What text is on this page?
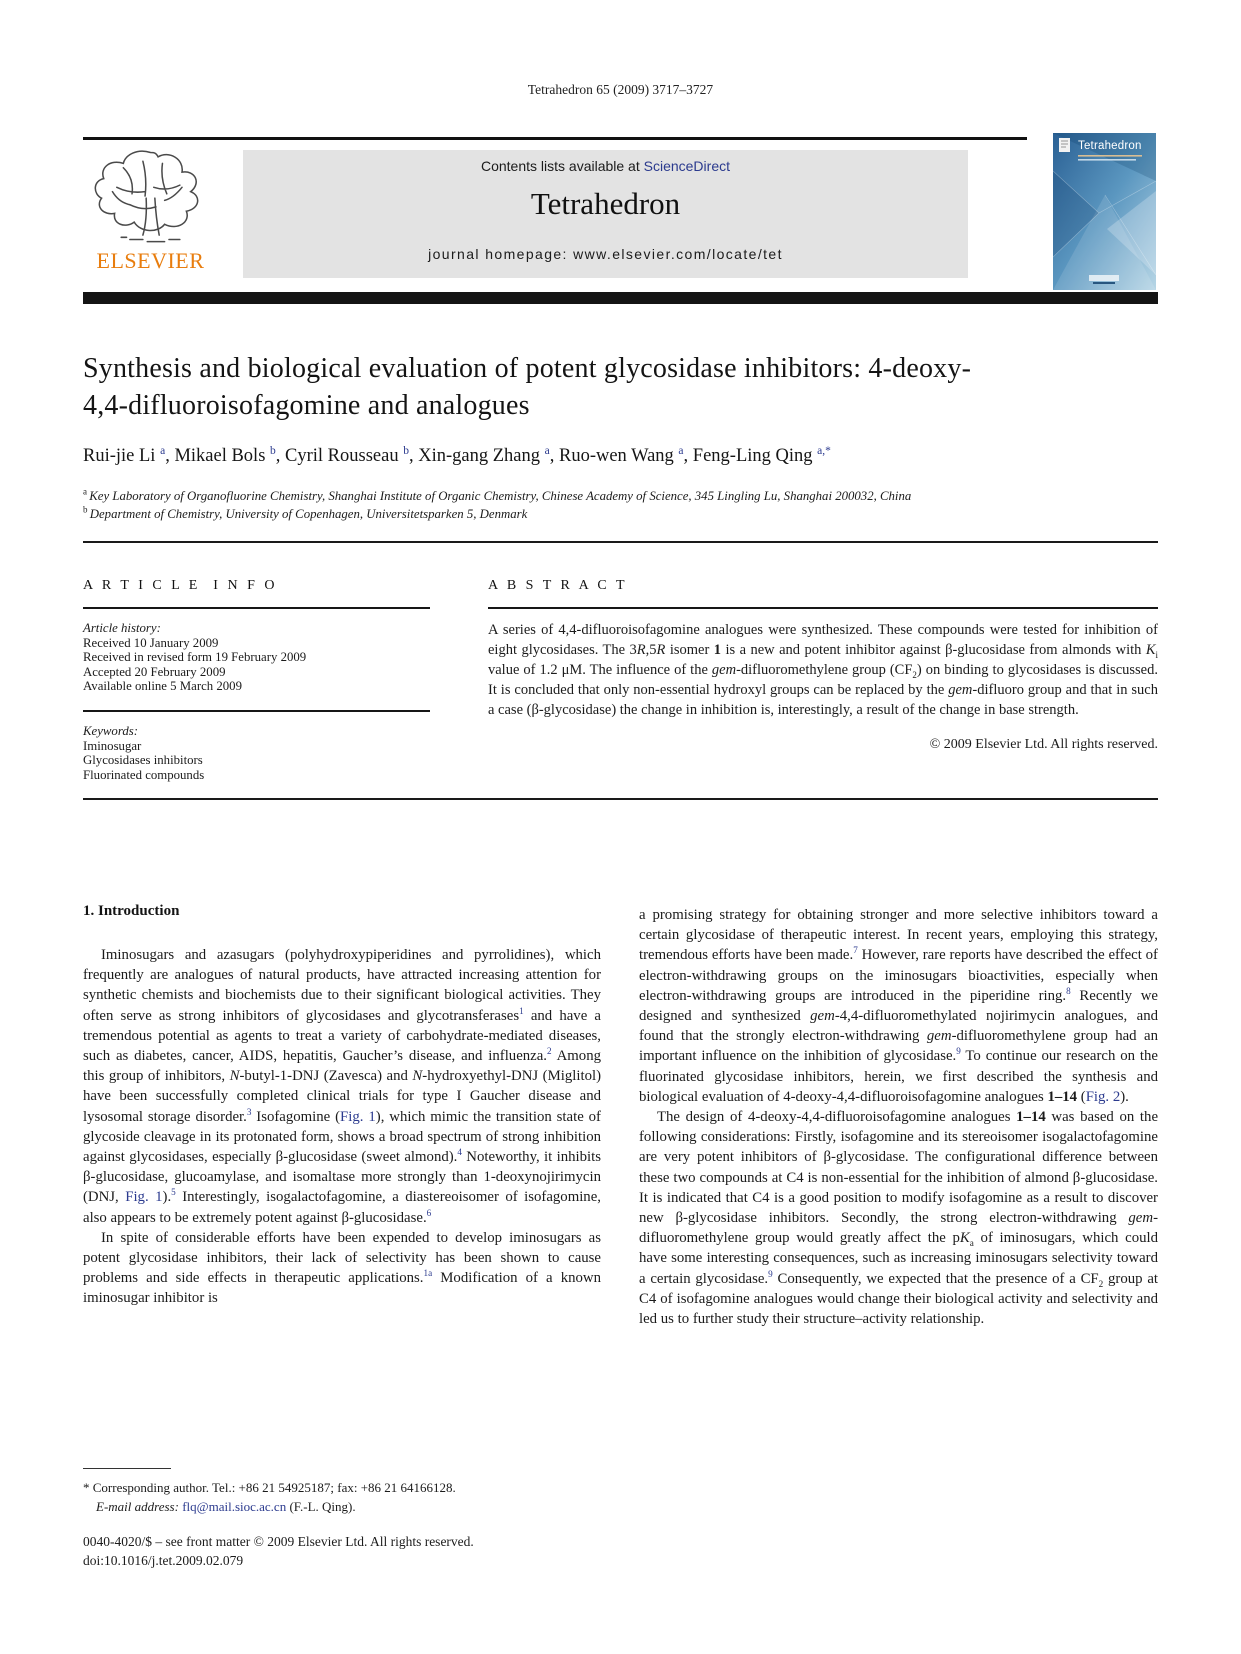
Tetrahedron 65 (2009) 3717–3727
ELSEVIER
Contents lists available at ScienceDirect
Tetrahedron
journal homepage: www.elsevier.com/locate/tet
Tetrahedron
Synthesis and biological evaluation of potent glycosidase inhibitors: 4-deoxy-
4,4-difluoroisofagomine and analogues
Rui-jie Li $^a$, Mikael Bols $^b$, Cyril Rousseau $^b$, Xin-gang Zhang $^a$, Ruo-wen Wang $^a$, Feng-Ling Qing $^{a,*}$
$^a$ Key Laboratory of Organofluorine Chemistry, Shanghai Institute of Organic Chemistry, Chinese Academy of Science, 345 Lingling Lu, Shanghai 200032, China
$^b$ Department of Chemistry, University of Copenhagen, Universitetsparken 5, Denmark
A R T I C L E  I N F O
Article history:
Received 10 January 2009
Received in revised form 19 February 2009
Accepted 20 February 2009
Available online 5 March 2009
Keywords:
Iminosugar
Glycosidases inhibitors
Fluorinated compounds
A B S T R A C T
A series of 4,4-difluoroisofagomine analogues were synthesized. These compounds were tested for inhibition of eight glycosidases. The 3R,5R isomer 1 is a new and potent inhibitor against β-glucosidase from almonds with $K_i$ value of 1.2 μM. The influence of the gem-difluoromethylene group $(CF_2)$ on binding to glycosidases is discussed. It is concluded that only non-essential hydroxyl groups can be replaced by the gem-difluoro group and that in such a case (β-glycosidase) the change in inhibition is, interestingly, a result of the change in base strength.
© 2009 Elsevier Ltd. All rights reserved.
1. Introduction

Iminosugars and azasugars (polyhydroxypiperidines and pyrrolidines), which frequently are analogues of natural products, have attracted increasing attention for synthetic chemists and biochemists due to their significant biological activities. They often serve as strong inhibitors of glycosidases and glycotransferases$^1$ and have a tremendous potential as agents to treat a variety of carbohydrate-mediated diseases, such as diabetes, cancer, AIDS, hepatitis, Gaucher’s disease, and influenza.$^2$ Among this group of inhibitors, N-butyl-1-DNJ (Zavesca) and N-hydroxyethyl-DNJ (Miglitol) have been successfully completed clinical trials for type I Gaucher disease and lysosomal storage disorder.$^3$ Isofagomine (Fig. 1), which mimic the transition state of glycoside cleavage in its protonated form, shows a broad spectrum of strong inhibition against glycosidases, especially β-glucosidase (sweet almond).$^4$ Noteworthy, it inhibits β-glucosidase, glucoamylase, and isomaltase more strongly than 1-deoxynojirimycin (DNJ, Fig. 1).$^5$ Interestingly, isogalactofagomine, a diastereoisomer of isofagomine, also appears to be extremely potent against β-glucosidase.$^6$

In spite of considerable efforts have been expended to develop iminosugars as potent glycosidase inhibitors, their lack of selectivity has been shown to cause problems and side effects in therapeutic applications.$^{1a}$ Modification of a known iminosugar inhibitor is

a promising strategy for obtaining stronger and more selective inhibitors toward a certain glycosidase of therapeutic interest. In recent years, employing this strategy, tremendous efforts have been made.$^7$ However, rare reports have described the effect of electron-withdrawing groups on the iminosugars bioactivities, especially when electron-withdrawing groups are introduced in the piperidine ring.$^8$ Recently we designed and synthesized gem-4,4-difluoromethylated nojirimycin analogues, and found that the strongly electron-withdrawing gem-difluoromethylene group had an important influence on the inhibition of glycosidase.$^9$ To continue our research on the fluorinated glycosidase inhibitors, herein, we first described the synthesis and biological evaluation of 4-deoxy-4,4-difluoroisofagomine analogues 1–14 (Fig. 2).

The design of 4-deoxy-4,4-difluoroisofagomine analogues 1–14 was based on the following considerations: Firstly, isofagomine and its stereoisomer isogalactofagomine are very potent inhibitors of β-glycosidase. The configurational difference between these two compounds at C4 is non-essential for the inhibition of almond β-glucosidase. It is indicated that C4 is a good position to modify isofagomine as a result to discover new β-glycosidase inhibitors. Secondly, the strong electron-withdrawing gem-difluoromethylene group would greatly affect the $pK_a$ of iminosugars, which could have some interesting consequences, such as increasing iminosugars selectivity toward a certain glycosidase.$^9$ Consequently, we expected that the presence of a $CF_2$ group at C4 of isofagomine analogues would change their biological activity and selectivity and led us to further study their structure–activity relationship.

* Corresponding author. Tel.: +86 21 54925187; fax: +86 21 64166128.
E-mail address: flq@mail.sioc.ac.cn (F.-L. Qing).
0040-4020/$ – see front matter © 2009 Elsevier Ltd. All rights reserved.
doi:10.1016/j.tet.2009.02.079
